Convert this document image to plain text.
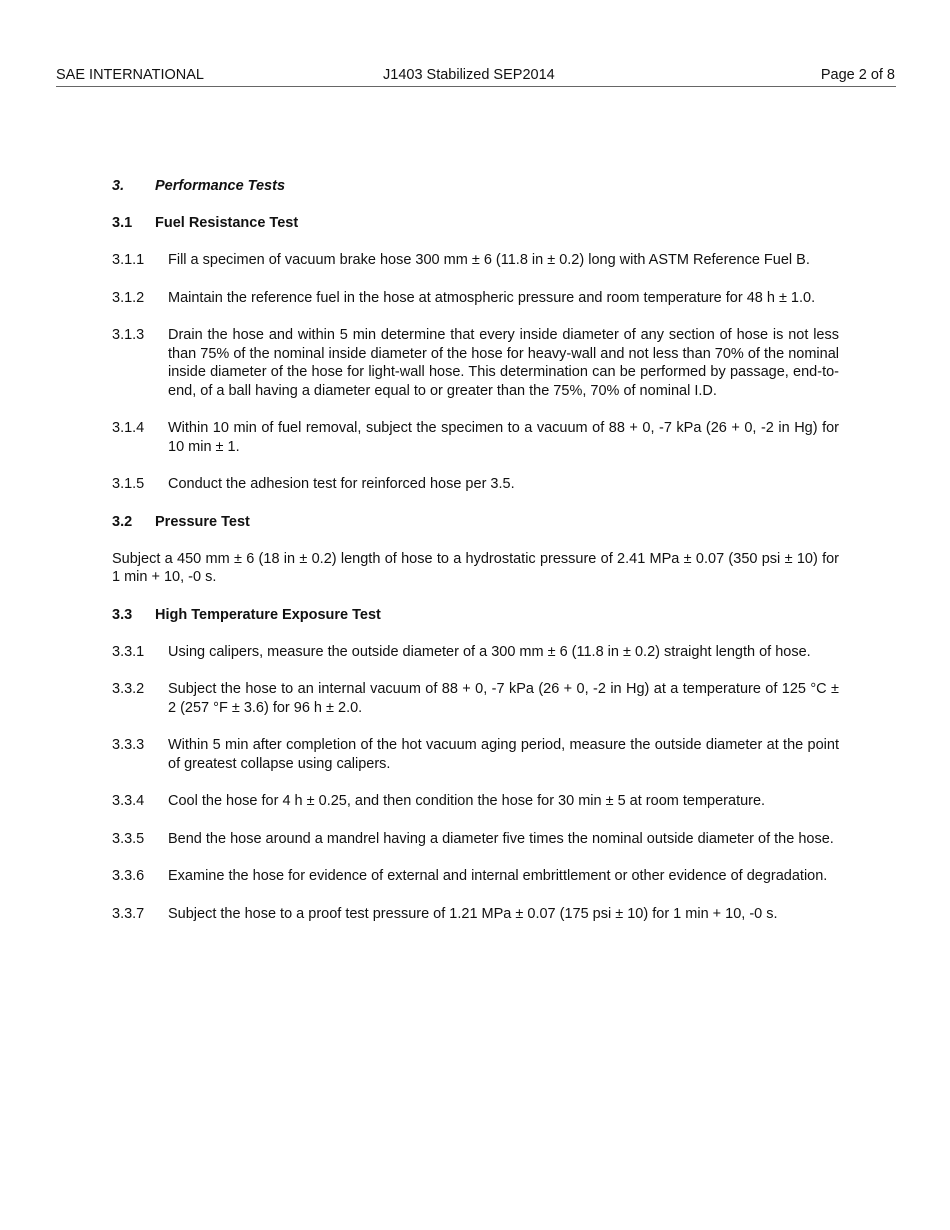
SAE INTERNATIONAL	J1403 Stabilized SEP2014	Page 2 of 8
3. Performance Tests
3.1 Fuel Resistance Test
3.1.1 Fill a specimen of vacuum brake hose 300 mm ± 6 (11.8 in ± 0.2) long with ASTM Reference Fuel B.
3.1.2 Maintain the reference fuel in the hose at atmospheric pressure and room temperature for 48 h ± 1.0.
3.1.3 Drain the hose and within 5 min determine that every inside diameter of any section of hose is not less than 75% of the nominal inside diameter of the hose for heavy-wall and not less than 70% of the nominal inside diameter of the hose for light-wall hose. This determination can be performed by passage, end-to-end, of a ball having a diameter equal to or greater than the 75%, 70% of nominal I.D.
3.1.4 Within 10 min of fuel removal, subject the specimen to a vacuum of 88 + 0, -7 kPa (26 + 0, -2 in Hg) for 10 min ± 1.
3.1.5 Conduct the adhesion test for reinforced hose per 3.5.
3.2 Pressure Test
Subject a 450 mm ± 6 (18 in ± 0.2) length of hose to a hydrostatic pressure of 2.41 MPa ± 0.07 (350 psi ± 10) for 1 min + 10, -0 s.
3.3 High Temperature Exposure Test
3.3.1 Using calipers, measure the outside diameter of a 300 mm ± 6 (11.8 in ± 0.2) straight length of hose.
3.3.2 Subject the hose to an internal vacuum of 88 + 0, -7 kPa (26 + 0, -2 in Hg) at a temperature of 125 °C ± 2 (257 °F ± 3.6) for 96 h ± 2.0.
3.3.3 Within 5 min after completion of the hot vacuum aging period, measure the outside diameter at the point of greatest collapse using calipers.
3.3.4 Cool the hose for 4 h ± 0.25, and then condition the hose for 30 min ± 5 at room temperature.
3.3.5 Bend the hose around a mandrel having a diameter five times the nominal outside diameter of the hose.
3.3.6 Examine the hose for evidence of external and internal embrittlement or other evidence of degradation.
3.3.7 Subject the hose to a proof test pressure of 1.21 MPa ± 0.07 (175 psi ± 10) for 1 min + 10, -0 s.
